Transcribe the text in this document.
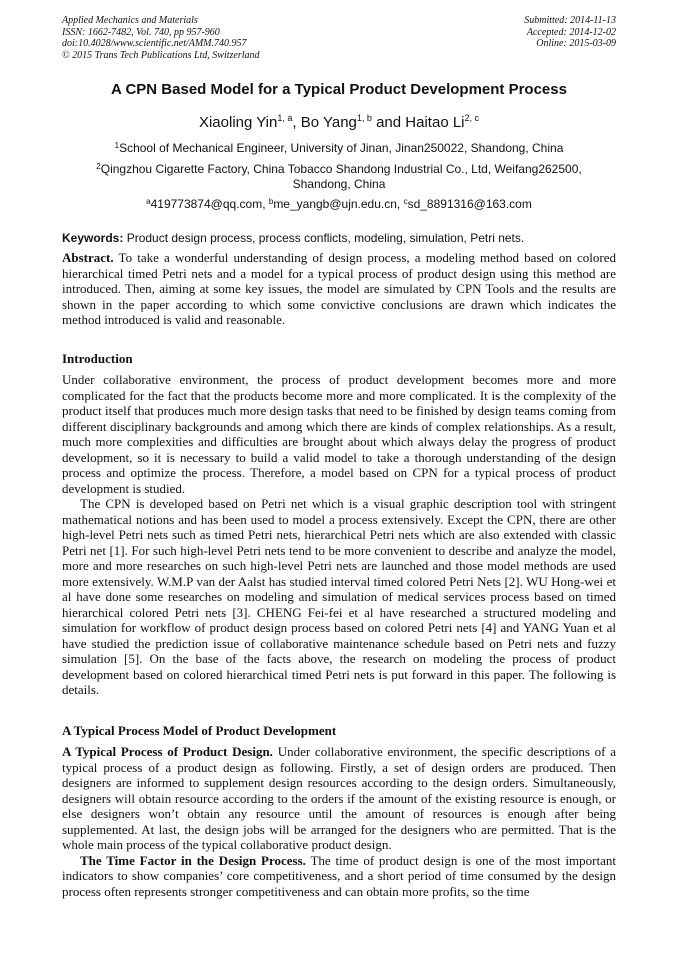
Applied Mechanics and Materials
ISSN: 1662-7482, Vol. 740, pp 957-960
doi:10.4028/www.scientific.net/AMM.740.957
© 2015 Trans Tech Publications Ltd, Switzerland
Submitted: 2014-11-13
Accepted: 2014-12-02
Online: 2015-03-09
A CPN Based Model for a Typical Product Development Process
Xiaoling Yin$^{1, a}$, Bo Yang$^{1, b}$ and Haitao Li$^{2, c}$
$^1$School of Mechanical Engineer, University of Jinan, Jinan250022, Shandong, China
$^2$Qingzhou Cigarette Factory, China Tobacco Shandong Industrial Co., Ltd, Weifang262500, Shandong, China
$^a$419773874@qq.com, $^b$me_yangb@ujn.edu.cn, $^c$sd_8891316@163.com
Keywords: Product design process, process conflicts, modeling, simulation, Petri nets.

Abstract. To take a wonderful understanding of design process, a modeling method based on colored hierarchical timed Petri nets and a model for a typical process of product design using this method are introduced. Then, aiming at some key issues, the model are simulated by CPN Tools and the results are shown in the paper according to which some convictive conclusions are drawn which indicates the method introduced is valid and reasonable.

Introduction

Under collaborative environment, the process of product development becomes more and more complicated for the fact that the products become more and more complicated. It is the complexity of the product itself that produces much more design tasks that need to be finished by design teams coming from different disciplinary backgrounds and among which there are kinds of complex relationships. As a result, much more complexities and difficulties are brought about which always delay the progress of product development, so it is necessary to build a valid model to take a thorough understanding of the design process and optimize the process. Therefore, a model based on CPN for a typical process of product development is studied.

The CPN is developed based on Petri net which is a visual graphic description tool with stringent mathematical notions and has been used to model a process extensively. Except the CPN, there are other high-level Petri nets such as timed Petri nets, hierarchical Petri nets which are also extended with classic Petri net [1]. For such high-level Petri nets tend to be more convenient to describe and analyze the model, more and more researches on such high-level Petri nets are launched and those model methods are used more extensively. W.M.P van der Aalst has studied interval timed colored Petri Nets [2]. WU Hong-wei et al have done some researches on modeling and simulation of medical services process based on timed hierarchical colored Petri nets [3]. CHENG Fei-fei et al have researched a structured modeling and simulation for workflow of product design process based on colored Petri nets [4] and YANG Yuan et al have studied the prediction issue of collaborative maintenance schedule based on Petri nets and fuzzy simulation [5]. On the base of the facts above, the research on modeling the process of product development based on colored hierarchical timed Petri nets is put forward in this paper. The following is details.

A Typical Process Model of Product Development

A Typical Process of Product Design. Under collaborative environment, the specific descriptions of a typical process of a product design as following. Firstly, a set of design orders are produced. Then designers are informed to supplement design resources according to the design orders. Simultaneously, designers will obtain resource according to the orders if the amount of the existing resource is enough, or else designers won’t obtain any resource until the amount of resources is enough after being supplemented. At last, the design jobs will be arranged for the designers who are permitted. That is the whole main process of the typical collaborative product design.

The Time Factor in the Design Process. The time of product design is one of the most important indicators to show companies’ core competitiveness, and a short period of time consumed by the design process often represents stronger competitiveness and can obtain more profits, so the time
